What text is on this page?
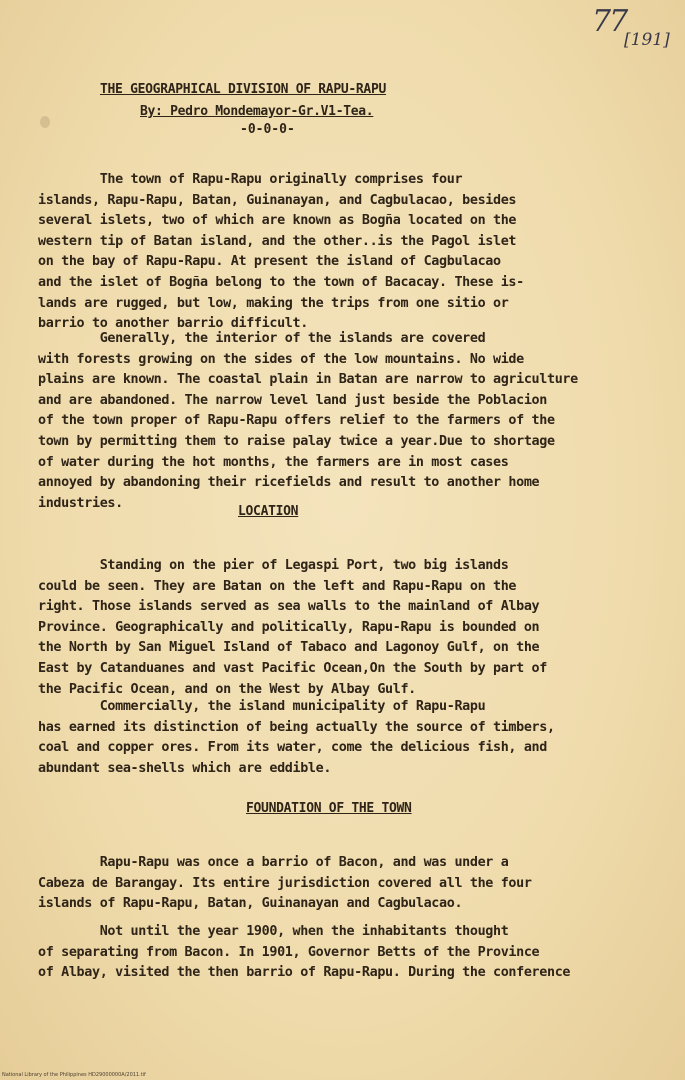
77
[191]
THE GEOGRAPHICAL DIVISION OF RAPU-RAPU
By: Pedro Mondemayor-Gr.V1-Tea.
-0-0-0-

The town of Rapu-Rapu originally comprises four
islands, Rapu-Rapu, Batan, Guinanayan, and Cagbulacao, besides
several islets, two of which are known as Bogña located on the
western tip of Batan island, and the other..is the Pagol islet
on the bay of Rapu-Rapu. At present the island of Cagbulacao
and the islet of Bogña belong to the town of Bacacay. These is-
lands are rugged, but low, making the trips from one sitio or
barrio to another barrio difficult.

Generally, the interior of the islands are covered
with forests growing on the sides of the low mountains. No wide
plains are known. The coastal plain in Batan are narrow to agriculture
and are abandoned. The narrow level land just beside the Poblacion
of the town proper of Rapu-Rapu offers relief to the farmers of the
town by permitting them to raise palay twice a year.Due to shortage
of water during the hot months, the farmers are in most cases
annoyed by abandoning their ricefields and result to another home
industries.

LOCATION

Standing on the pier of Legaspi Port, two big islands
could be seen. They are Batan on the left and Rapu-Rapu on the
right. Those islands served as sea walls to the mainland of Albay
Province. Geographically and politically, Rapu-Rapu is bounded on
the North by San Miguel Island of Tabaco and Lagonoy Gulf, on the
East by Catanduanes and vast Pacific Ocean,On the South by part of
the Pacific Ocean, and on the West by Albay Gulf.

Commercially, the island municipality of Rapu-Rapu
has earned its distinction of being actually the source of timbers,
coal and copper ores. From its water, come the delicious fish, and
abundant sea-shells which are eddible.

FOUNDATION OF THE TOWN

Rapu-Rapu was once a barrio of Bacon, and was under a
Cabeza de Barangay. Its entire jurisdiction covered all the four
islands of Rapu-Rapu, Batan, Guinanayan and Cagbulacao.

Not until the year 1900, when the inhabitants thought
of separating from Bacon. In 1901, Governor Betts of the Province
of Albay, visited the then barrio of Rapu-Rapu. During the conference

National Library of the Philippines HD29000000A/2011.tif
